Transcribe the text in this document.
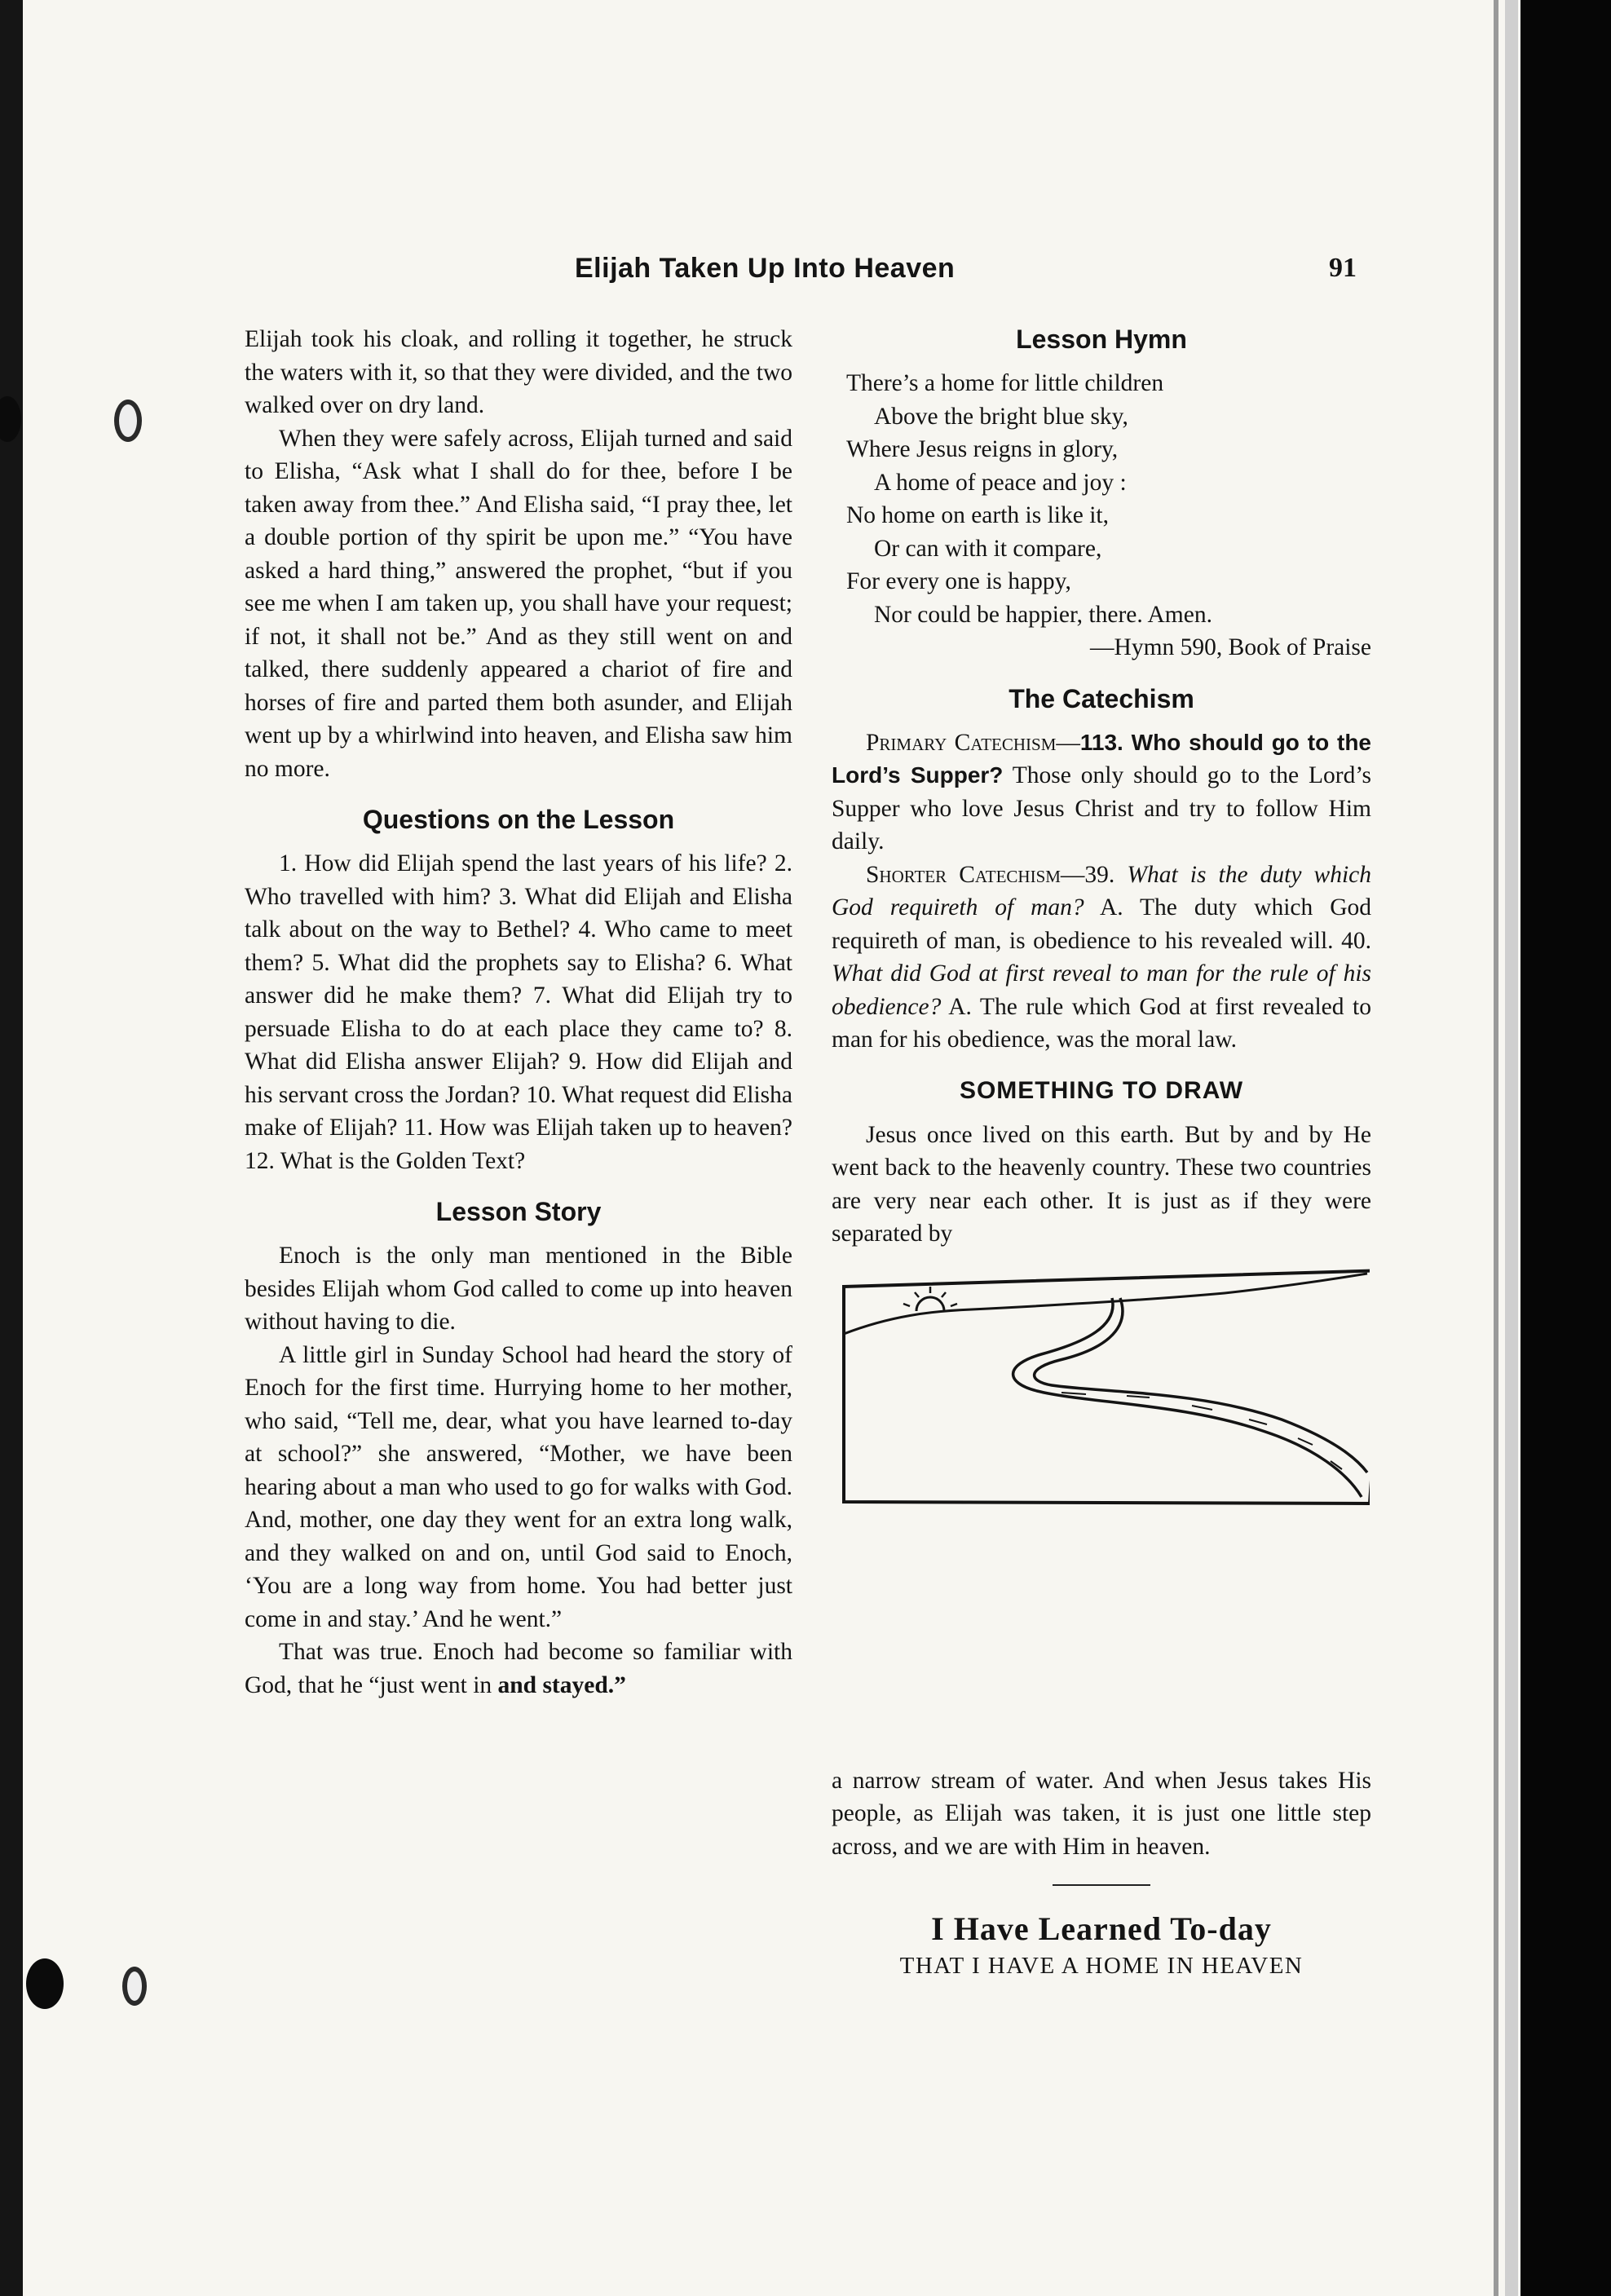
Elijah Taken Up Into Heaven	91

Elijah took his cloak, and rolling it together, he struck the waters with it, so that they were divided, and the two walked over on dry land.

When they were safely across, Elijah turned and said to Elisha, “Ask what I shall do for thee, before I be taken away from thee.” And Elisha said, “I pray thee, let a double portion of thy spirit be upon me.” “You have asked a hard thing,” answered the prophet, “but if you see me when I am taken up, you shall have your request; if not, it shall not be.” And as they still went on and talked, there suddenly appeared a chariot of fire and horses of fire and parted them both asunder, and Elijah went up by a whirlwind into heaven, and Elisha saw him no more.

Questions on the Lesson

1. How did Elijah spend the last years of his life? 2. Who travelled with him? 3. What did Elijah and Elisha talk about on the way to Bethel? 4. Who came to meet them? 5. What did the prophets say to Elisha? 6. What answer did he make them? 7. What did Elijah try to persuade Elisha to do at each place they came to? 8. What did Elisha answer Elijah? 9. How did Elijah and his servant cross the Jordan? 10. What request did Elisha make of Elijah? 11. How was Elijah taken up to heaven? 12. What is the Golden Text?

Lesson Story

Enoch is the only man mentioned in the Bible besides Elijah whom God called to come up into heaven without having to die.

A little girl in Sunday School had heard the story of Enoch for the first time. Hurrying home to her mother, who said, “Tell me, dear, what you have learned to-day at school?” she answered, “Mother, we have been hearing about a man who used to go for walks with God. And, mother, one day they went for an extra long walk, and they walked on and on, until God said to Enoch, ‘You are a long way from home. You had better just come in and stay.’ And he went.”

That was true. Enoch had become so familiar with God, that he “just went in and stayed.”

Lesson Hymn
There’s a home for little children
Above the bright blue sky,
Where Jesus reigns in glory,
A home of peace and joy :
No home on earth is like it,
Or can with it compare,
For every one is happy,
Nor could be happier, there. Amen.
—Hymn 590, Book of Praise
The Catechism

Primary Catechism—113. Who should go to the Lord’s Supper? Those only should go to the Lord’s Supper who love Jesus Christ and try to follow Him daily.

Shorter Catechism—39. What is the duty which God requireth of man? A. The duty which God requireth of man, is obedience to his revealed will. 40. What did God at first reveal to man for the rule of his obedience? A. The rule which God at first revealed to man for his obedience, was the moral law.

SOMETHING TO DRAW

Jesus once lived on this earth. But by and by He went back to the heavenly country. These two countries are very near each other. It is just as if they were separated by

a narrow stream of water. And when Jesus takes His people, as Elijah was taken, it is just one little step across, and we are with Him in heaven.

I Have Learned To-day
THAT I HAVE A HOME IN HEAVEN
